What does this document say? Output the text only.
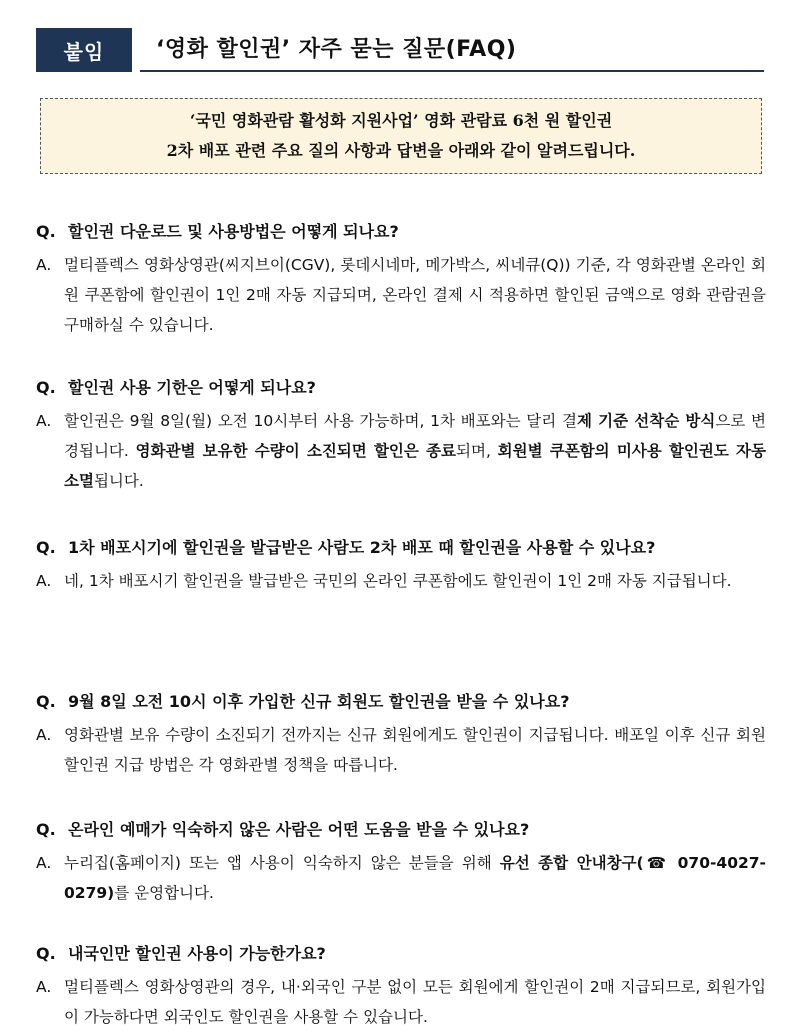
붙임	‘영화 할인권’ 자주 묻는 질문(FAQ)
‘국민 영화관람 활성화 지원사업’ 영화 관람료 6천 원 할인권
2차 배포 관련 주요 질의 사항과 답변을 아래와 같이 알려드립니다.
Q. 할인권 다운로드 및 사용방법은 어떻게 되나요?
A. 멀티플렉스 영화상영관(씨지브이(CGV), 롯데시네마, 메가박스, 씨네큐(Q)) 기준, 각 영화관별 온라인 회원 쿠폰함에 할인권이 1인 2매 자동 지급되며, 온라인 결제 시 적용하면 할인된 금액으로 영화 관람권을 구매하실 수 있습니다.
Q. 할인권 사용 기한은 어떻게 되나요?
A. 할인권은 9월 8일(월) 오전 10시부터 사용 가능하며, 1차 배포와는 달리 결제 기준 선착순 방식으로 변경됩니다. 영화관별 보유한 수량이 소진되면 할인은 종료되며, 회원별 쿠폰함의 미사용 할인권도 자동 소멸됩니다.
Q. 1차 배포시기에 할인권을 발급받은 사람도 2차 배포 때 할인권을 사용할 수 있나요?
A. 네, 1차 배포시기 할인권을 발급받은 국민의 온라인 쿠폰함에도 할인권이 1인 2매 자동 지급됩니다.
Q. 9월 8일 오전 10시 이후 가입한 신규 회원도 할인권을 받을 수 있나요?
A. 영화관별 보유 수량이 소진되기 전까지는 신규 회원에게도 할인권이 지급됩니다. 배포일 이후 신규 회원 할인권 지급 방법은 각 영화관별 정책을 따릅니다.
Q. 온라인 예매가 익숙하지 않은 사람은 어떤 도움을 받을 수 있나요?
A. 누리집(홈페이지) 또는 앱 사용이 익숙하지 않은 분들을 위해 유선 종합 안내창구(☎ 070-4027-0279)를 운영합니다.
Q. 내국인만 할인권 사용이 가능한가요?
A. 멀티플렉스 영화상영관의 경우, 내·외국인 구분 없이 모든 회원에게 할인권이 2매 지급되므로, 회원가입이 가능하다면 외국인도 할인권을 사용할 수 있습니다.
